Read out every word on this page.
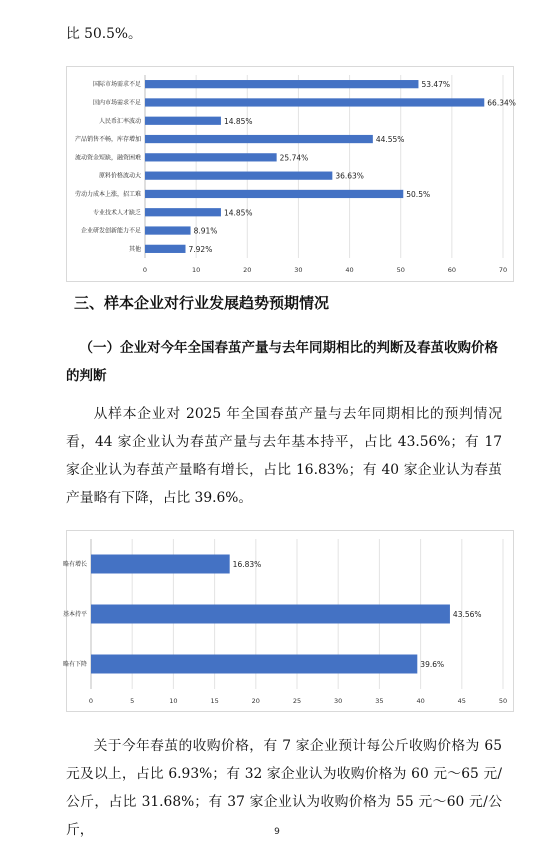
比 50.5%。

0	10	20	30	40	50	60	70
国际市场需求不足	53.47%
国内市场需求不足	66.34%
人民币汇率波动	14.85%
产品销售不畅，库存增加	44.55%
流动资金短缺，融资困难	25.74%
原料价格波动大	36.63%
劳动力成本上涨，招工难	50.5%
专业技术人才缺乏	14.85%
企业研发创新能力不足	8.91%
其他	7.92%
三、样本企业对行业发展趋势预期情况
（一）企业对今年全国春茧产量与去年同期相比的判断及春茧收购价格的判断

从样本企业对 2025 年全国春茧产量与去年同期相比的预判情况看，44 家企业认为春茧产量与去年基本持平，占比 43.56%；有 17 家企业认为春茧产量略有增长，占比 16.83%；有 40 家企业认为春茧产量略有下降，占比 39.6%。

0	5	10	15	20	25	30	35	40	45	50
略有增长	16.83%
基本持平	43.56%
略有下降	39.6%

关于今年春茧的收购价格，有 7 家企业预计每公斤收购价格为 65 元及以上，占比 6.93%；有 32 家企业认为收购价格为 60 元～65 元/公斤，占比 31.68%；有 37 家企业认为收购价格为 55 元～60 元/公斤，	9
